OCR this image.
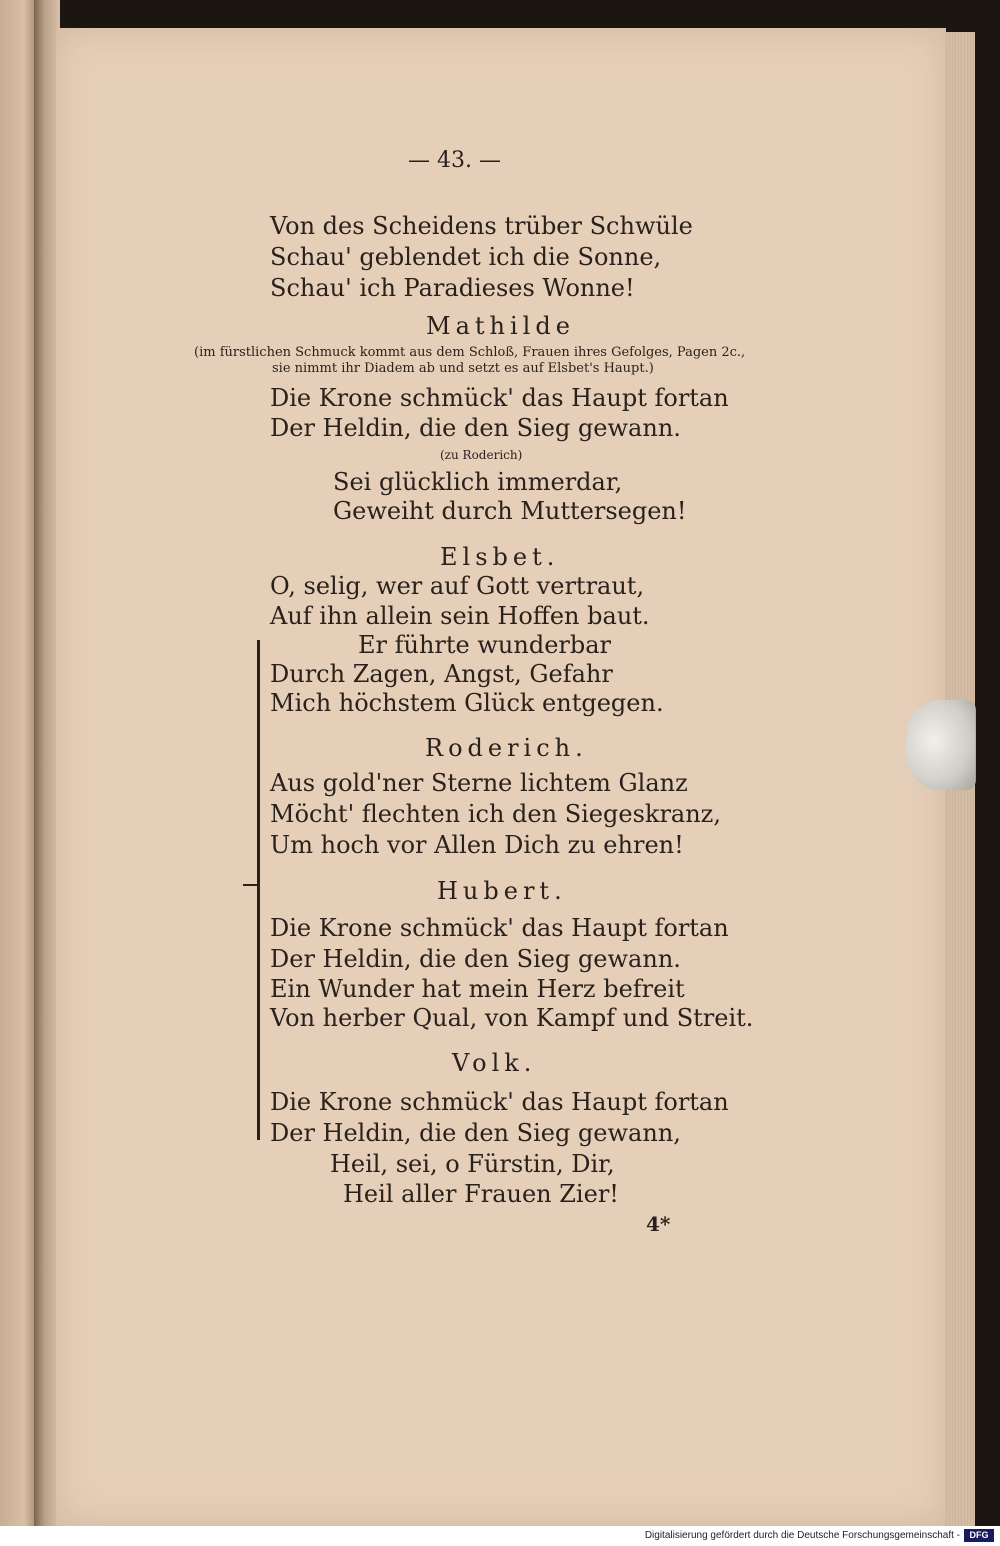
— 43. —
Von des Scheidens trüber Schwüle
Schau' geblendet ich die Sonne,
Schau' ich Paradieses Wonne!
Mathilde
(im fürstlichen Schmuck kommt aus dem Schloß, Frauen ihres Gefolges, Pagen 2c.,
sie nimmt ihr Diadem ab und setzt es auf Elsbet's Haupt.)
Die Krone schmück' das Haupt fortan
Der Heldin, die den Sieg gewann.
(zu Roderich)
Sei glücklich immerdar,
Geweiht durch Muttersegen!
Elsbet.
O, selig, wer auf Gott vertraut,
Auf ihn allein sein Hoffen baut.
Er führte wunderbar
Durch Zagen, Angst, Gefahr
Mich höchstem Glück entgegen.
Roderich.
Aus gold'ner Sterne lichtem Glanz
Möcht' flechten ich den Siegeskranz,
Um hoch vor Allen Dich zu ehren!
Hubert.
Die Krone schmück' das Haupt fortan
Der Heldin, die den Sieg gewann.
Ein Wunder hat mein Herz befreit
Von herber Qual, von Kampf und Streit.
Volk.
Die Krone schmück' das Haupt fortan
Der Heldin, die den Sieg gewann,
Heil, sei, o Fürstin, Dir,
Heil aller Frauen Zier!
4*
Digitalisierung gefördert durch die Deutsche Forschungsgemeinschaft -	DFG
